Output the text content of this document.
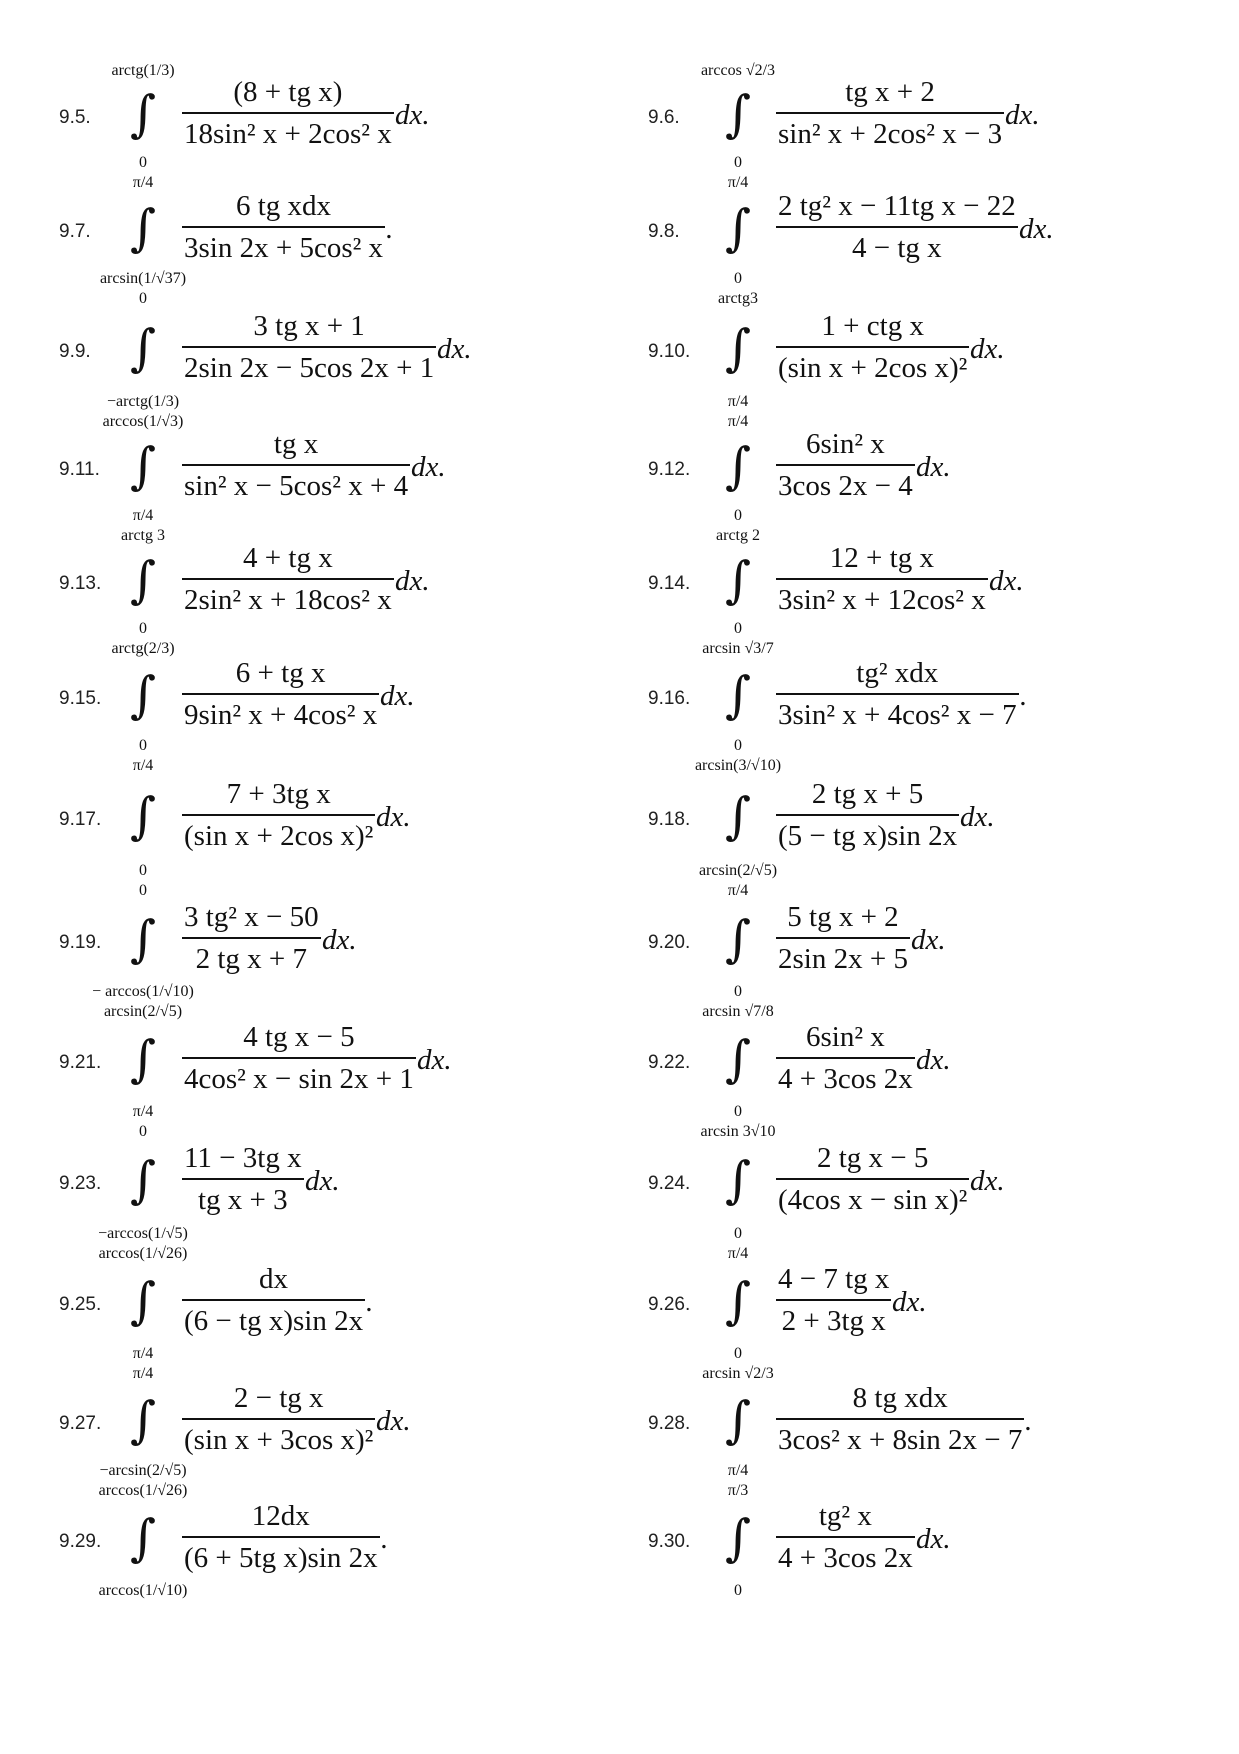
9.5.
arctg(1/3)
∫
0
(8 + tg x)
18sin² x + 2cos² x
dx.	9.6.
arccos √2/3
∫
0
tg x + 2
sin² x + 2cos² x − 3
dx.
9.7.
π/4
∫
arcsin(1/√37)
6 tg xdx
3sin 2x + 5cos² x
.	9.8.
π/4
∫
0
2 tg² x − 11tg x − 22
4 − tg x
dx.
9.9.
0
∫
−arctg(1/3)
3 tg x + 1
2sin 2x − 5cos 2x + 1
dx.	9.10.
arctg3
∫
π/4
1 + ctg x
(sin x + 2cos x)²
dx.
9.11.
arccos(1/√3)
∫
π/4
tg x
sin² x − 5cos² x + 4
dx.	9.12.
π/4
∫
0
6sin² x
3cos 2x − 4
dx.
9.13.
arctg 3
∫
0
4 + tg x
2sin² x + 18cos² x
dx.	9.14.
arctg 2
∫
0
12 + tg x
3sin² x + 12cos² x
dx.
9.15.
arctg(2/3)
∫
0
6 + tg x
9sin² x + 4cos² x
dx.	9.16.
arcsin √3/7
∫
0
tg² xdx
3sin² x + 4cos² x − 7
.
9.17.
π/4
∫
0
7 + 3tg x
(sin x + 2cos x)²
dx.	9.18.
arcsin(3/√10)
∫
arcsin(2/√5)
2 tg x + 5
(5 − tg x)sin 2x
dx.
9.19.
0
∫
− arccos(1/√10)
3 tg² x − 50
2 tg x + 7
dx.	9.20.
π/4
∫
0
5 tg x + 2
2sin 2x + 5
dx.
9.21.
arcsin(2/√5)
∫
π/4
4 tg x − 5
4cos² x − sin 2x + 1
dx.	9.22.
arcsin √7/8
∫
0
6sin² x
4 + 3cos 2x
dx.
9.23.
0
∫
−arccos(1/√5)
11 − 3tg x
tg x + 3
dx.	9.24.
arcsin 3√10
∫
0
2 tg x − 5
(4cos x − sin x)²
dx.
9.25.
arccos(1/√26)
∫
π/4
dx
(6 − tg x)sin 2x
.	9.26.
π/4
∫
0
4 − 7 tg x
2 + 3tg x
dx.
9.27.
π/4
∫
−arcsin(2/√5)
2 − tg x
(sin x + 3cos x)²
dx.	9.28.
arcsin √2/3
∫
π/4
8 tg xdx
3cos² x + 8sin 2x − 7
.
9.29.
arccos(1/√26)
∫
arccos(1/√10)
12dx
(6 + 5tg x)sin 2x
.	9.30.
π/3
∫
0
tg² x
4 + 3cos 2x
dx.
